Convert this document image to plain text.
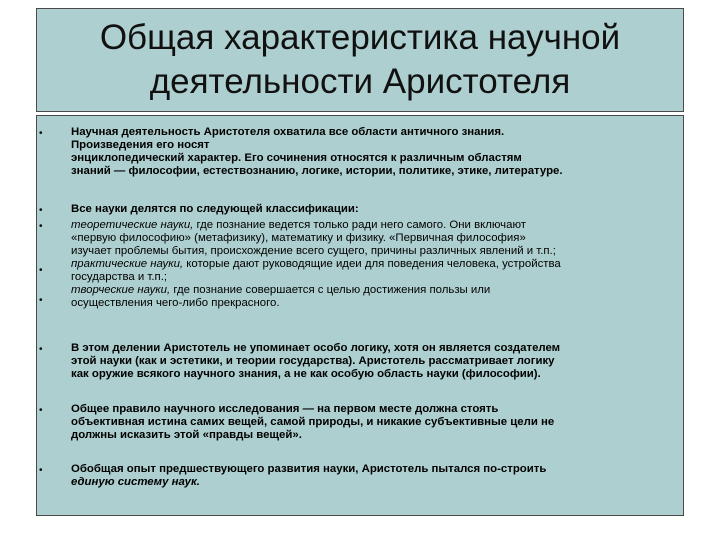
Общая характеристика научной
деятельности Аристотеля
• Научная деятельность Аристотеля охватила все области античного знания.
Произведения его носят
энциклопедический характер. Его сочинения относятся к различным областям
знаний — философии, естествознанию, логике, истории, политике, этике, литературе.
•
•
•
•
Все науки делятся по следующей классификации:
теоретические науки, где познание ведется только ради него самого. Они включают
«первую философию» (метафизику), математику и физику. «Первичная философия»
изучает проблемы бытия, происхождение всего сущего, причины различных явлений и т.п.;
практические науки, которые дают руководящие идеи для поведения человека, устройства
государства и т.п.;
творческие науки, где познание совершается с целью достижения пользы или
осуществления чего-либо прекрасного.
• В этом делении Аристотель не упоминает особо логику, хотя он является создателем
этой науки (как и эстетики, и теории государства). Аристотель рассматривает логику
как оружие всякого научного знания, а не как особую область науки (философии).
• Общее правило научного исследования — на первом месте должна стоять
объективная истина самих вещей, самой природы, и никакие субъективные цели не
должны исказить этой «правды вещей».
• Обобщая опыт предшествующего развития науки, Аристотель пытался по-строить
единую систему наук.
